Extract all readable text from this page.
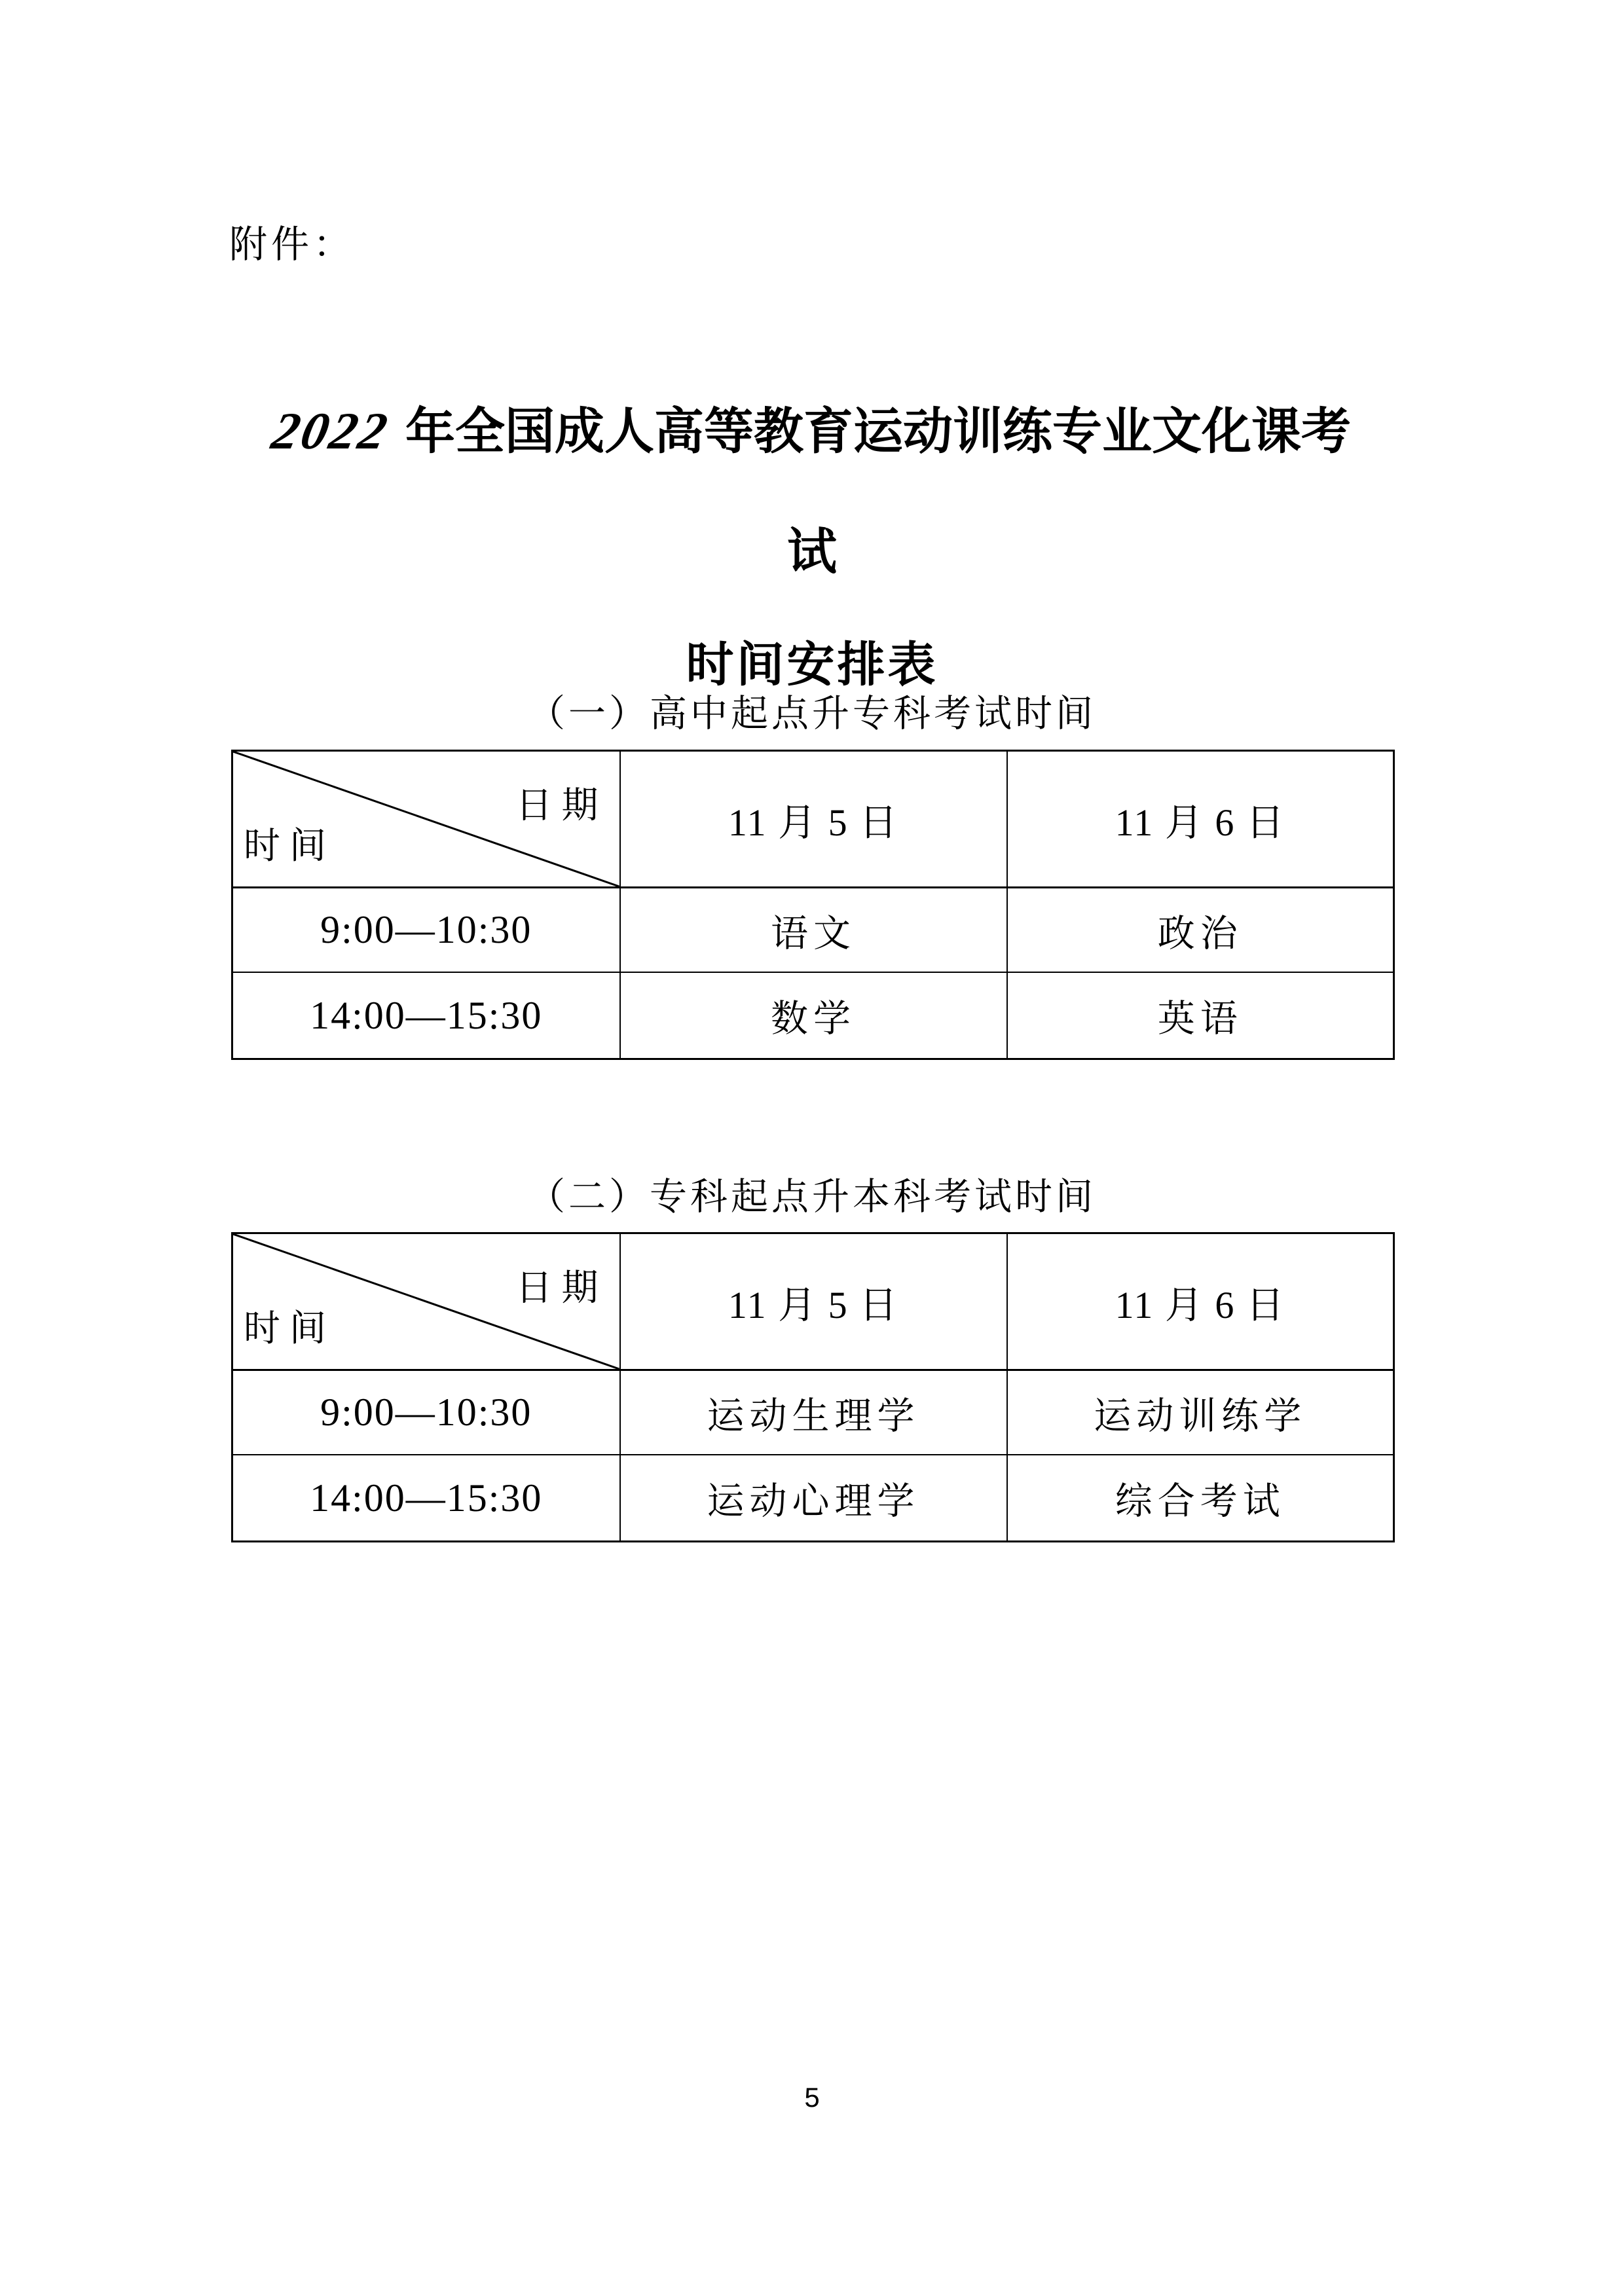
附件：
2022 年全国成人高等教育运动训练专业文化课考
试
时间安排表
（一）高中起点升专科考试时间
日期
时间	11 月 5 日	11 月 6 日
9:00—10:30	语文	政治
14:00—15:30	数学	英语
（二）专科起点升本科考试时间
日期
时间	11 月 5 日	11 月 6 日
9:00—10:30	运动生理学	运动训练学
14:00—15:30	运动心理学	综合考试
5
